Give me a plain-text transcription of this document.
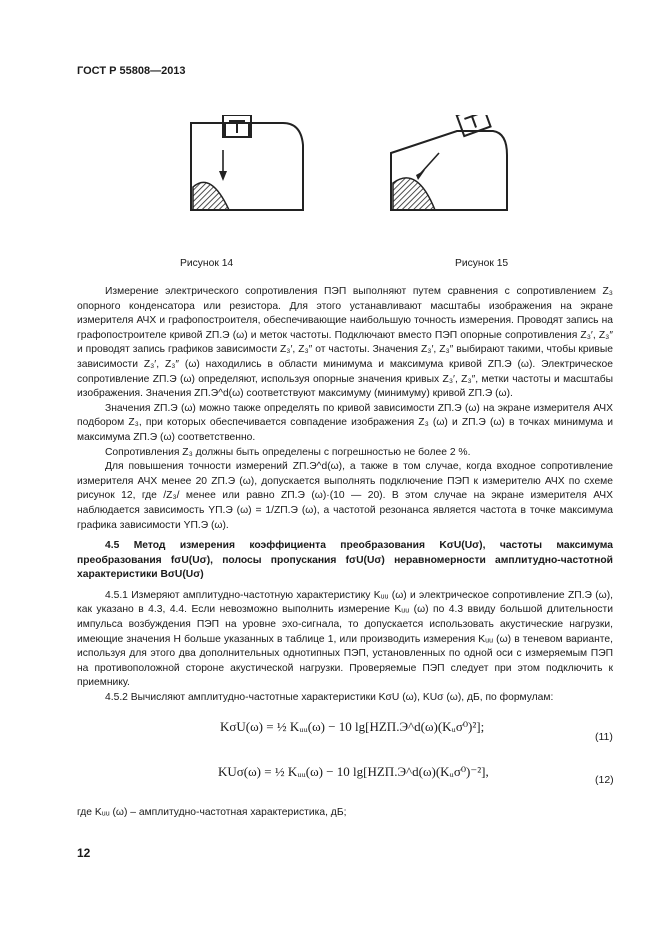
ГОСТ Р 55808—2013
Рисунок 14	Рисунок 15

Измерение электрического сопротивления ПЭП выполняют путем сравнения с сопротивлением Z₃ опорного конденсатора или резистора. Для этого устанавливают масштабы изображения на экране измерителя АЧХ и графопостроителя, обеспечивающие наибольшую точность измерения. Проводят запись на графопостроителе кривой ZП.Э (ω) и меток частоты. Подключают вместо ПЭП опорные сопротивления Z₃′, Z₃″ и проводят запись графиков зависимости Z₃′, Z₃″ от частоты. Значения Z₃′, Z₃″ выбирают такими, чтобы кривые зависимости Z₃′, Z₃″ (ω) находились в области минимума и максимума кривой ZП.Э (ω). Электрическое сопротивление ZП.Э (ω) определяют, используя опорные значения кривых Z₃′, Z₃″, метки частоты и масштабы изображения. Значения ZП.Э^d(ω) соответствуют максимуму (минимуму) кривой ZП.Э (ω).

Значения ZП.Э (ω) можно также определять по кривой зависимости ZП.Э (ω) на экране измерителя АЧХ подбором Z₃, при которых обеспечивается совпадение изображения Z₃ (ω) и ZП.Э (ω) в точках минимума и максимума ZП.Э (ω) соответственно.

Сопротивления Z₃ должны быть определены с погрешностью не более 2 %.

Для повышения точности измерений ZП.Э^d(ω), а также в том случае, когда входное сопротивление измерителя АЧХ менее 20 ZП.Э (ω), допускается выполнять подключение ПЭП к измерителю АЧХ по схеме рисунок 12, где /Z₃/ менее или равно ZП.Э (ω)·(10 — 20). В этом случае на экране измерителя АЧХ наблюдается зависимость YП.Э (ω) = 1/ZП.Э (ω), а частотой резонанса является частота в точке максимума графика зависимости YП.Э (ω).

4.5 Метод измерения коэффициента преобразования KσU(Uσ), частоты максимума преобразования fσU(Uσ), полосы пропускания fσU(Uσ) неравномерности амплитудно-частотной характеристики BσU(Uσ)

4.5.1 Измеряют амплитудно-частотную характеристику Kᵤᵤ (ω) и электрическое сопротивление ZП.Э (ω), как указано в 4.3, 4.4. Если невозможно выполнить измерение Kᵤᵤ (ω) по 4.3 ввиду большой длительности импульса возбуждения ПЭП на уровне эхо-сигнала, то допускается использовать акустические нагрузки, имеющие значения H больше указанных в таблице 1, или производить измерения Kᵤᵤ (ω) в теневом варианте, используя для этого два дополнительных однотипных ПЭП, установленных по одной оси с измеряемым ПЭП на противоположной стороне акустической нагрузки. Проверяемые ПЭП следует при этом подключить к приемнику.

4.5.2 Вычисляют амплитудно-частотные характеристики KσU (ω), KUσ (ω), дБ, по формулам:

KσU(ω) = ½ Kᵤᵤ(ω) − 10 lg[HZП.Э^d(ω)(Kᵤσ⁰)²];
(11)
KUσ(ω) = ½ Kᵤᵤ(ω) − 10 lg[HZП.Э^d(ω)(Kᵤσ⁰)⁻²],
(12)

где Kᵤᵤ (ω) – амплитудно-частотная характеристика, дБ;

12
